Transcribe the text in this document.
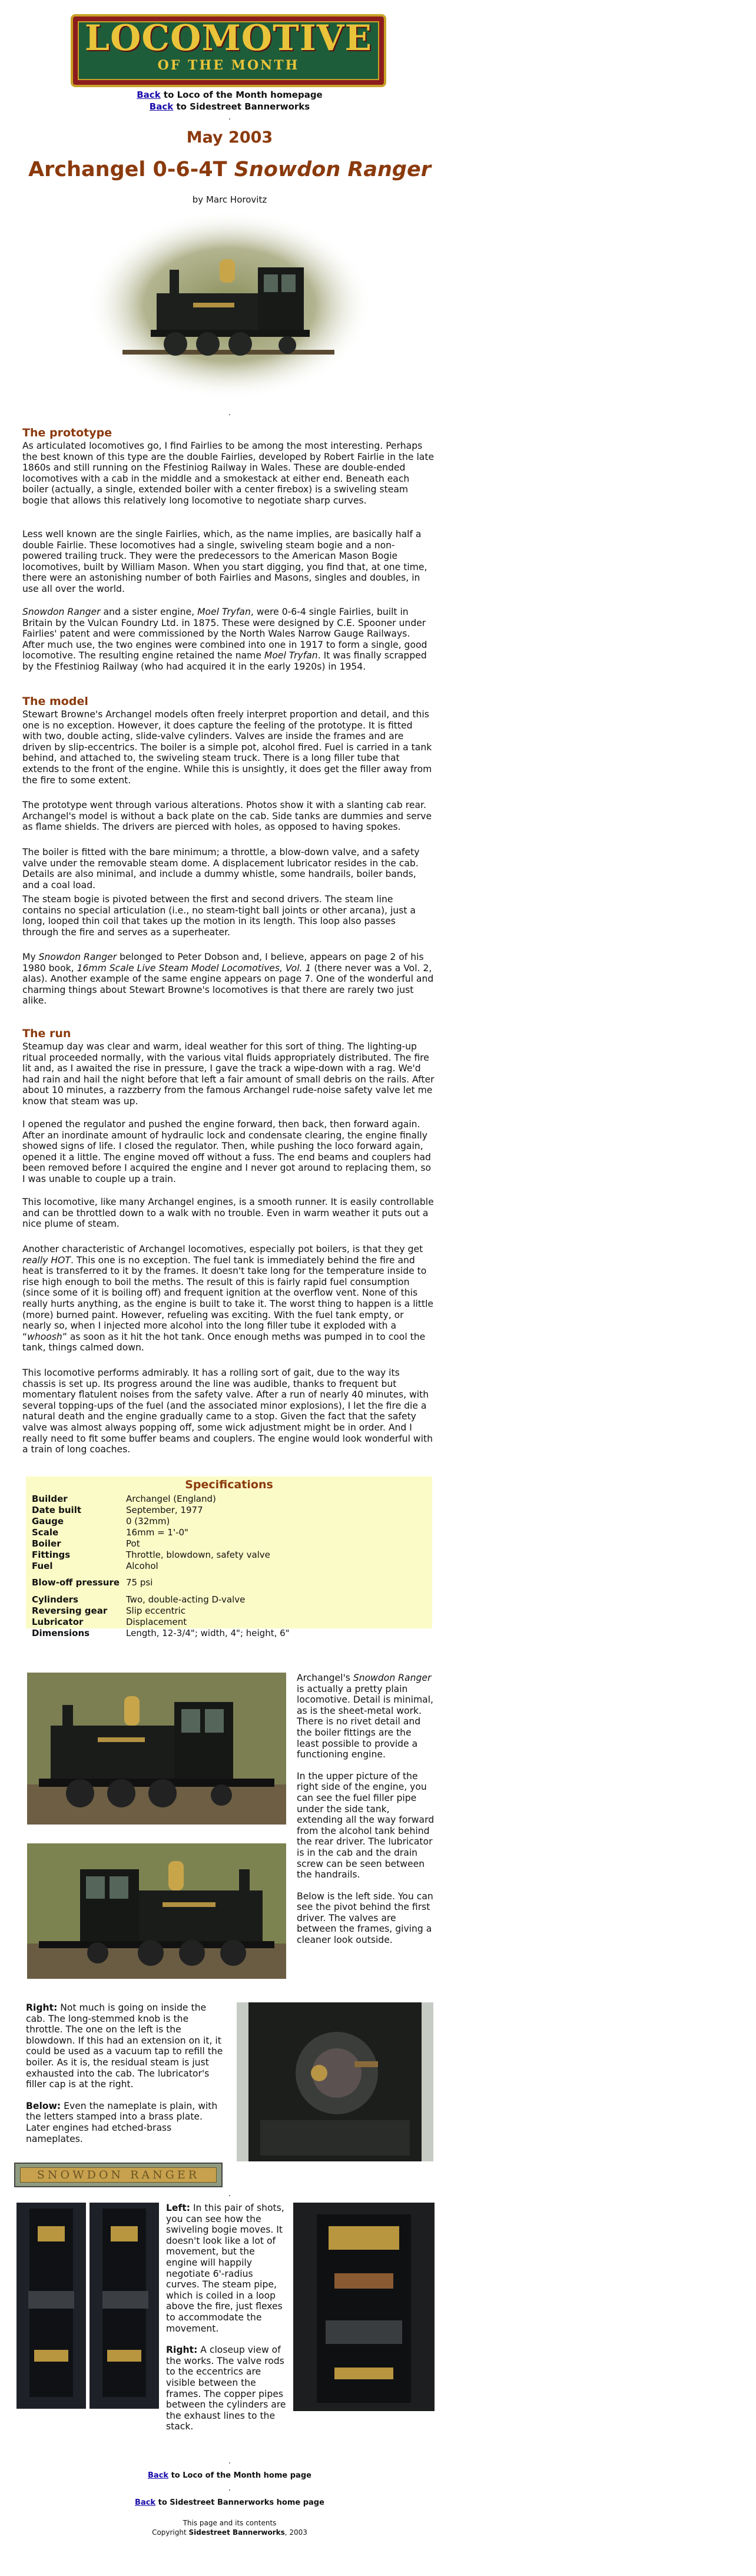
LOCOMOTIVE
OF THE MONTH
Back to Loco of the Month homepage
Back to Sidestreet Bannerworks
.
May 2003
Archangel 0-6-4T Snowdon Ranger
by Marc Horovitz
.
The prototype

As articulated locomotives go, I find Fairlies to be among the most interesting. Perhaps the best known of this type are the double Fairlies, developed by Robert Fairlie in the late 1860s and still running on the Ffestiniog Railway in Wales. These are double-ended locomotives with a cab in the middle and a smokestack at either end. Beneath each boiler (actually, a single, extended boiler with a center firebox) is a swiveling steam bogie that allows this relatively long locomotive to negotiate sharp curves.

Less well known are the single Fairlies, which, as the name implies, are basically half a double Fairlie. These locomotives had a single, swiveling steam bogie and a non-powered trailing truck. They were the predecessors to the American Mason Bogie locomotives, built by William Mason. When you start digging, you find that, at one time, there were an astonishing number of both Fairlies and Masons, singles and doubles, in use all over the world.

Snowdon Ranger and a sister engine, Moel Tryfan, were 0-6-4 single Fairlies, built in Britain by the Vulcan Foundry Ltd. in 1875. These were designed by C.E. Spooner under Fairlies' patent and were commissioned by the North Wales Narrow Gauge Railways. After much use, the two engines were combined into one in 1917 to form a single, good locomotive. The resulting engine retained the name Moel Tryfan. It was finally scrapped by the Ffestiniog Railway (who had acquired it in the early 1920s) in 1954.

The model

Stewart Browne's Archangel models often freely interpret proportion and detail, and this one is no exception. However, it does capture the feeling of the prototype. It is fitted with two, double acting, slide-valve cylinders. Valves are inside the frames and are driven by slip-eccentrics. The boiler is a simple pot, alcohol fired. Fuel is carried in a tank behind, and attached to, the swiveling steam truck. There is a long filler tube that extends to the front of the engine. While this is unsightly, it does get the filler away from the fire to some extent.

The prototype went through various alterations. Photos show it with a slanting cab rear. Archangel's model is without a back plate on the cab. Side tanks are dummies and serve as flame shields. The drivers are pierced with holes, as opposed to having spokes.

The boiler is fitted with the bare minimum; a throttle, a blow-down valve, and a safety valve under the removable steam dome. A displacement lubricator resides in the cab. Details are also minimal, and include a dummy whistle, some handrails, boiler bands, and a coal load.

The steam bogie is pivoted between the first and second drivers. The steam line contains no special articulation (i.e., no steam-tight ball joints or other arcana), just a long, looped thin coil that takes up the motion in its length. This loop also passes through the fire and serves as a superheater.

My Snowdon Ranger belonged to Peter Dobson and, I believe, appears on page 2 of his 1980 book, 16mm Scale Live Steam Model Locomotives, Vol. 1 (there never was a Vol. 2, alas). Another example of the same engine appears on page 7. One of the wonderful and charming things about Stewart Browne's locomotives is that there are rarely two just alike.

The run

Steamup day was clear and warm, ideal weather for this sort of thing. The lighting-up ritual proceeded normally, with the various vital fluids appropriately distributed. The fire lit and, as I awaited the rise in pressure, I gave the track a wipe-down with a rag. We'd had rain and hail the night before that left a fair amount of small debris on the rails. After about 10 minutes, a razzberry from the famous Archangel rude-noise safety valve let me know that steam was up.

I opened the regulator and pushed the engine forward, then back, then forward again. After an inordinate amount of hydraulic lock and condensate clearing, the engine finally showed signs of life. I closed the regulator. Then, while pushing the loco forward again, opened it a little. The engine moved off without a fuss. The end beams and couplers had been removed before I acquired the engine and I never got around to replacing them, so I was unable to couple up a train.

This locomotive, like many Archangel engines, is a smooth runner. It is easily controllable and can be throttled down to a walk with no trouble. Even in warm weather it puts out a nice plume of steam.

Another characteristic of Archangel locomotives, especially pot boilers, is that they get really HOT. This one is no exception. The fuel tank is immediately behind the fire and heat is transferred to it by the frames. It doesn't take long for the temperature inside to rise high enough to boil the meths. The result of this is fairly rapid fuel consumption (since some of it is boiling off) and frequent ignition at the overflow vent. None of this really hurts anything, as the engine is built to take it. The worst thing to happen is a little (more) burned paint. However, refueling was exciting. With the fuel tank empty, or nearly so, when I injected more alcohol into the long filler tube it exploded with a “whoosh” as soon as it hit the hot tank. Once enough meths was pumped in to cool the tank, things calmed down.

This locomotive performs admirably. It has a rolling sort of gait, due to the way its chassis is set up. Its progress around the line was audible, thanks to frequent but momentary flatulent noises from the safety valve. After a run of nearly 40 minutes, with several topping-ups of the fuel (and the associated minor explosions), I let the fire die a natural death and the engine gradually came to a stop. Given the fact that the safety valve was almost always popping off, some wick adjustment might be in order. And I really need to fit some buffer beams and couplers. The engine would look wonderful with a train of long coaches.

Specifications
Builder	Archangel (England)
Date built	September, 1977
Gauge	0 (32mm)
Scale	16mm = 1'-0"
Boiler	Pot
Fittings	Throttle, blowdown, safety valve
Fuel	Alcohol
Blow-off pressure	75 psi
Cylinders	Two, double-acting D-valve
Reversing gear	Slip eccentric
Lubricator	Displacement
Dimensions	Length, 12-3/4"; width, 4"; height, 6"

Archangel's Snowdon Ranger is actually a pretty plain locomotive. Detail is minimal, as is the sheet-metal work. There is no rivet detail and the boiler fittings are the least possible to provide a functioning engine.

In the upper picture of the right side of the engine, you can see the fuel filler pipe under the side tank, extending all the way forward from the alcohol tank behind the rear driver. The lubricator is in the cab and the drain screw can be seen between the handrails.

Below is the left side. You can see the pivot behind the first driver. The valves are between the frames, giving a cleaner look outside.

Right: Not much is going on inside the cab. The long-stemmed knob is the throttle. The one on the left is the blowdown. If this had an extension on it, it could be used as a vacuum tap to refill the boiler. As it is, the residual steam is just exhausted into the cab. The lubricator's filler cap is at the right.

Below: Even the nameplate is plain, with the letters stamped into a brass plate. Later engines had etched-brass nameplates.

SNOWDON RANGER
.

Left: In this pair of shots, you can see how the swiveling bogie moves. It doesn't look like a lot of movement, but the engine will happily negotiate 6'-radius curves. The steam pipe, which is coiled in a loop above the fire, just flexes to accommodate the movement.

Right: A closeup view of the works. The valve rods to the eccentrics are visible between the frames. The copper pipes between the cylinders are the exhaust lines to the stack.

.
Back to Loco of the Month home page
.
Back to Sidestreet Bannerworks home page
This page and its contents
Copyright Sidestreet Bannerworks, 2003
